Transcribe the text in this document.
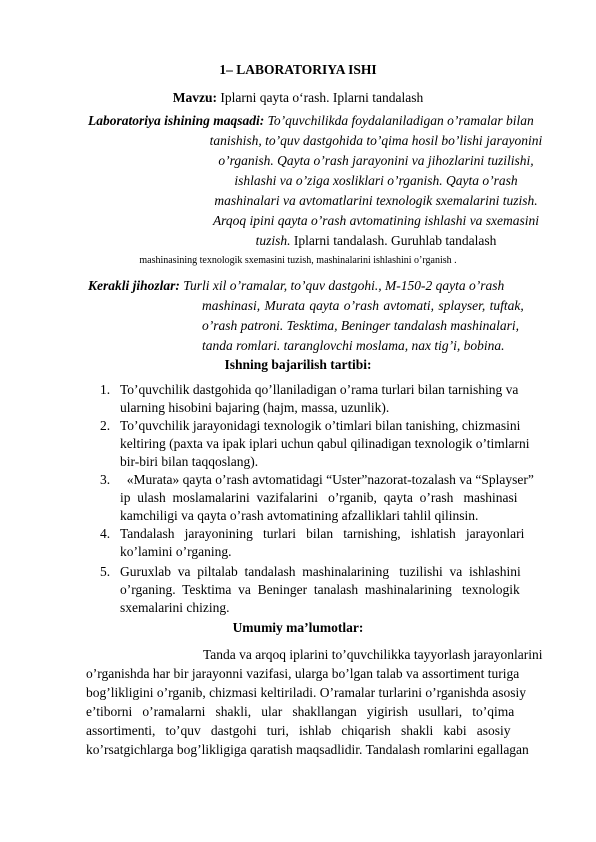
1– LABORATORIYA ISHI
Mavzu: Iplarni qayta o‘rash. Iplarni tandalash
Laboratoriya ishining maqsadi: To’quvchilikda foydalaniladigan o’ramalar bilan
tanishish, to’quv dastgohida to’qima hosil bo’lishi jarayonini
o’rganish. Qayta o’rash jarayonini va jihozlarini tuzilishi,
ishlashi va o’ziga xosliklari o’rganish. Qayta o’rash
mashinalari va avtomatlarini texnologik sxemalarini tuzish.
Arqoq ipini qayta o’rash avtomatining ishlashi va sxemasini
tuzish. Iplarni tandalash. Guruhlab tandalash
mashinasining texnologik sxemasini tuzish, mashinalarini ishlashini o’rganish .
Kerakli jihozlar: Turli xil o’ramalar, to’quv dastgohi., M-150-2 qayta o’rash
mashinasi, Murata qayta o’rash avtomati, splayser, tuftak,
o’rash patroni. Tesktima, Beninger tandalash mashinalari,
tanda romlari. taranglovchi moslama, nax tig’i, bobina.
Ishning bajarilish tartibi:
1. To’quvchilik dastgohida qo’llaniladigan o’rama turlari bilan tarnishing va
ularning hisobini bajaring (hajm, massa, uzunlik).
2. To’quvchilik jarayonidagi texnologik o’timlari bilan tanishing, chizmasini
keltiring (paxta va ipak iplari uchun qabul qilinadigan texnologik o’timlarni
bir-biri bilan taqqoslang).
3. «Murata» qayta o’rash avtomatidagi “Uster”nazorat-tozalash va “Splayser”
ip  ulash  moslamalarini  vazifalarini   o’rganib,  qayta  o’rash   mashinasi
kamchiligi va qayta o’rash avtomatining afzalliklari tahlil qilinsin.
4. Tandalash   jarayonining   turlari   bilan   tarnishing,   ishlatish   jarayonlari
ko’lamini o’rganing.
5. Guruxlab  va  piltalab  tandalash  mashinalarining   tuzilishi  va  ishlashini
o’rganing.  Tesktima  va  Beninger  tanalash  mashinalarining   texnologik
sxemalarini chizing.
Umumiy ma’lumotlar:
Tanda va arqoq iplarini to’quvchilikka tayyorlash jarayonlarini
o’rganishda har bir jarayonni vazifasi, ularga bo’lgan talab va assortiment turiga
bog’likligini o’rganib, chizmasi keltiriladi. O’ramalar turlarini o’rganishda asosiy
e’tiborni   o’ramalarni   shakli,   ular   shakllangan   yigirish   usullari,   to’qima
assortimenti,   to’quv   dastgohi   turi,   ishlab   chiqarish   shakli   kabi   asosiy
ko’rsatgichlarga bog’likligiga qaratish maqsadlidir. Tandalash romlarini egallagan
